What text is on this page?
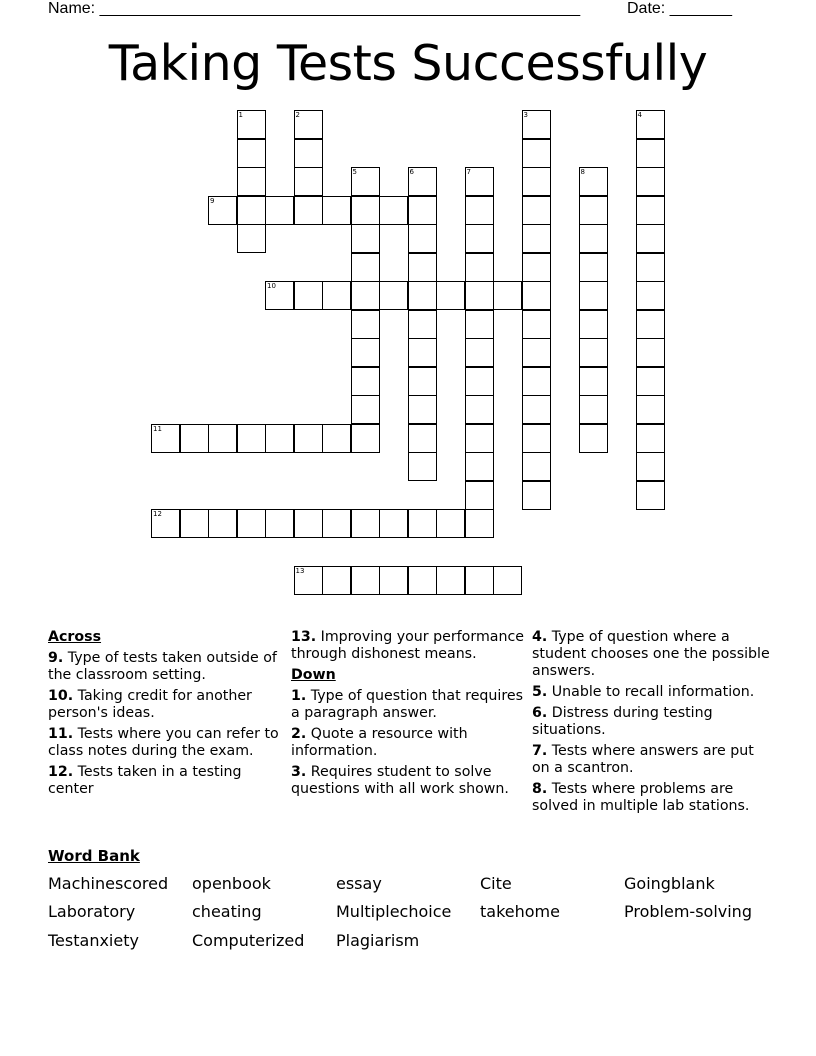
Name: ______________________________________________________	Date: _______
Taking Tests Successfully
1	2	3	4
5	6	7	8
9
10
11
12
13
Across
9. Type of tests taken outside of the classroom setting.
10. Taking credit for another person's ideas.
11. Tests where you can refer to class notes during the exam.
12. Tests taken in a testing center
13. Improving your performance through dishonest means.
Down
1. Type of question that requires a paragraph answer.
2. Quote a resource with information.
3. Requires student to solve questions with all work shown.
4. Type of question where a student chooses one the possible answers.
5. Unable to recall information.
6. Distress during testing situations.
7. Tests where answers are put on a scantron.
8. Tests where problems are solved in multiple lab stations.
Word Bank
Machinescored openbook	essay	Cite	Goingblank
Laboratory	cheating	Multiplechoice takehome	Problem-solving
Testanxiety	Computerized Plagiarism
